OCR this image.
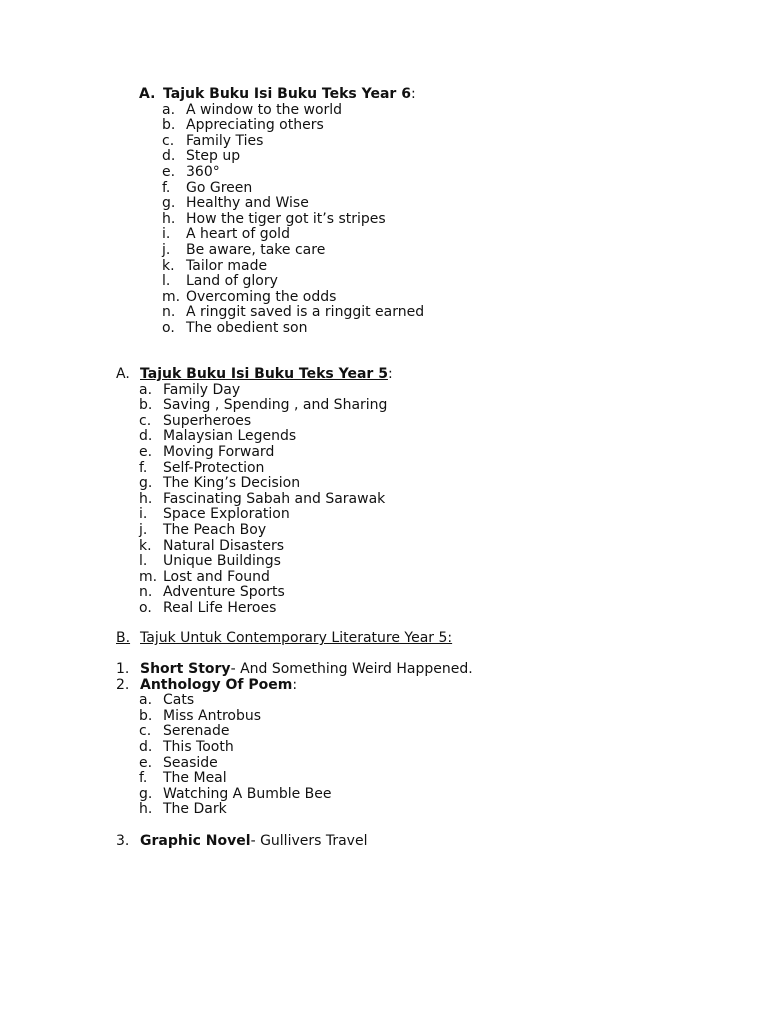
A. Tajuk Buku Isi Buku Teks Year 6 :
a. A window to the world
b. Appreciating others
c. Family Ties
d. Step up
e. 360°
f.	Go Green
g. Healthy and Wise
h. How the tiger got it’s stripes
i.	A heart of gold
j.	Be aware, take care
k. Tailor made
l.	Land of glory
m. Overcoming the odds
n. A ringgit saved is a ringgit earned
o. The obedient son
A. Tajuk Buku Isi Buku Teks Year 5 :
a. Family Day
b. Saving , Spending , and Sharing
c. Superheroes
d. Malaysian Legends
e. Moving Forward
f.	Self-Protection
g. The King’s Decision
h. Fascinating Sabah and Sarawak
i.	Space Exploration
j.	The Peach Boy
k. Natural Disasters
l.	Unique Buildings
m. Lost and Found
n. Adventure Sports
o. Real Life Heroes
B. Tajuk Untuk Contemporary Literature Year 5:
1. Short Story - And Something Weird Happened.
2. Anthology Of Poem :
a. Cats
b. Miss Antrobus
c. Serenade
d. This Tooth
e. Seaside
f.	The Meal
g. Watching A Bumble Bee
h. The Dark
3. Graphic Novel - Gullivers Travel
